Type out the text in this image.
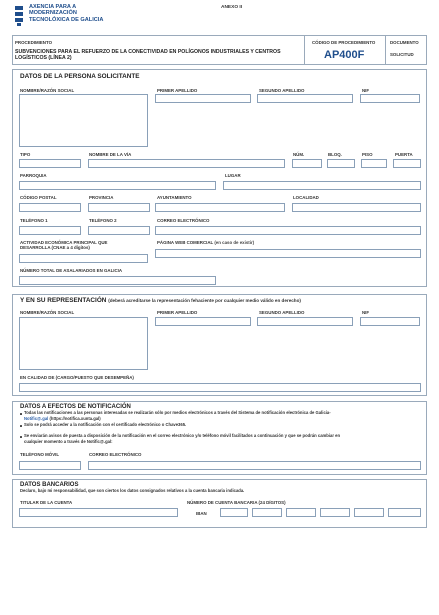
AXENCIA PARA A
MODERNIZACIÓN
TECNOLÓXICA DE GALICIA
ANEXO II
PROCEDIMIENTO
SUBVENCIONES PARA EL REFUERZO DE LA CONECTIVIDAD EN POLÍGONOS INDUSTRIALES Y CENTROS LOGÍSTICOS (LÍNEA 2)
CÓDIGO DE PROCEDIMIENTO
AP400F
DOCUMENTO
SOLICITUD
DATOS DE LA PERSONA SOLICITANTE
NOMBRE/RAZÓN SOCIAL	PRIMER APELLIDO	SEGUNDO APELLIDO	NIF
TIPO	NOMBRE DE LA VÍA	NÚM.	BLOQ.	PISO	PUERTA
PARROQUIA	LUGAR
CÓDIGO POSTAL	PROVINCIA	AYUNTAMIENTO	LOCALIDAD
TELÉFONO 1	TELÉFONO 2	CORREO ELECTRÓNICO
ACTIVIDAD ECONÓMICA PRINCIPAL QUE
DESARROLLA (CNAE a 4 dígitos)
PÁGINA WEB COMERCIAL (en caso de existir)
NÚMERO TOTAL DE ASALARIADOS EN GALICIA
Y EN SU REPRESENTACIÓN (deberá acreditarse la representación fehaciente por cualquier medio válido en derecho)
NOMBRE/RAZÓN SOCIAL	PRIMER APELLIDO	SEGUNDO APELLIDO	NIF
EN CALIDAD DE (CARGO/PUESTO QUE DESEMPEÑA)
DATOS A EFECTOS DE NOTIFICACIÓN
Todas las notificaciones a las personas interesadas se realizarán sólo por medios electrónicos a través del Sistema de notificación electrónica de Galicia-
Notific@.gal (https://notifica.xunta.gal)
Solo se podrá acceder a la notificación con el certificado electrónico o Chave365.
Se enviarán avisos de puesta a disposición de la notificación en el correo electrónico y/o teléfono móvil facilitados a continuación y que se podrán cambiar en
cualquier momento a través de Notific@.gal:
TELÉFONO MÓVIL	CORREO ELECTRÓNICO
DATOS BANCARIOS
Declaro, bajo mi responsabilidad, que son ciertos los datos consignados relativos a la cuenta bancaria indicada.
TITULAR DE LA CUENTA	NÚMERO DE CUENTA BANCARIA (24 DÍGITOS)
IBAN
